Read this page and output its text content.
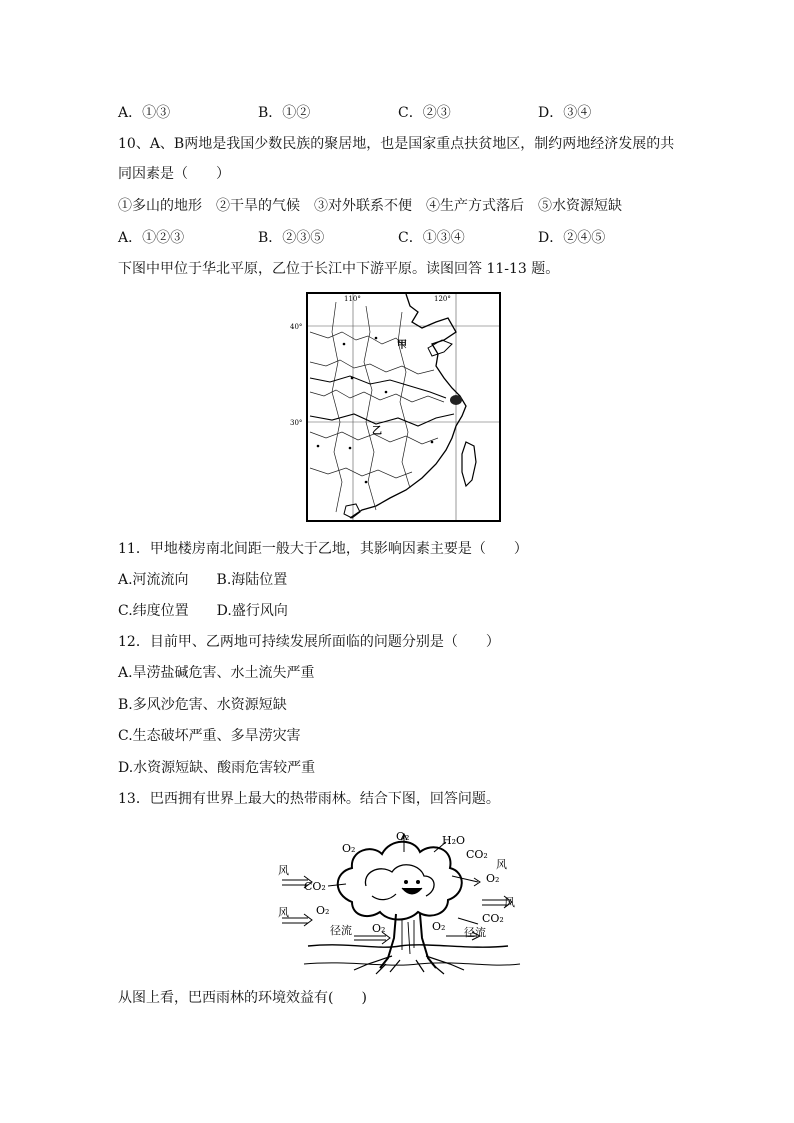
A．①③	B．①②	C．②③	D．③④
10、A、B两地是我国少数民族的聚居地，也是国家重点扶贫地区，制约两地经济发展的共
同因素是（　　）
①多山的地形　②干旱的气候　③对外联系不便　④生产方式落后　⑤水资源短缺
A．①②③	B．②③⑤	C．①③④	D．②④⑤
下图中甲位于华北平原，乙位于长江中下游平原。读图回答 11-13 题。
110°	120°
40°
30°
甲
乙
11．甲地楼房南北间距一般大于乙地，其影响因素主要是（　　）
A.河流流向　　B.海陆位置
C.纬度位置　　D.盛行风向
12．目前甲、乙两地可持续发展所面临的问题分别是（　　）
A.旱涝盐碱危害、水土流失严重
B.多风沙危害、水资源短缺
C.生态破坏严重、多旱涝灾害
D.水资源短缺、酸雨危害较严重
13．巴西拥有世界上最大的热带雨林。结合下图，回答问题。
O₂
O₂
H₂O
CO₂
风
O₂
风
CO₂
风 O₂
风
CO₂
径流 O₂	O₂ 径流
从图上看，巴西雨林的环境效益有(　　)
